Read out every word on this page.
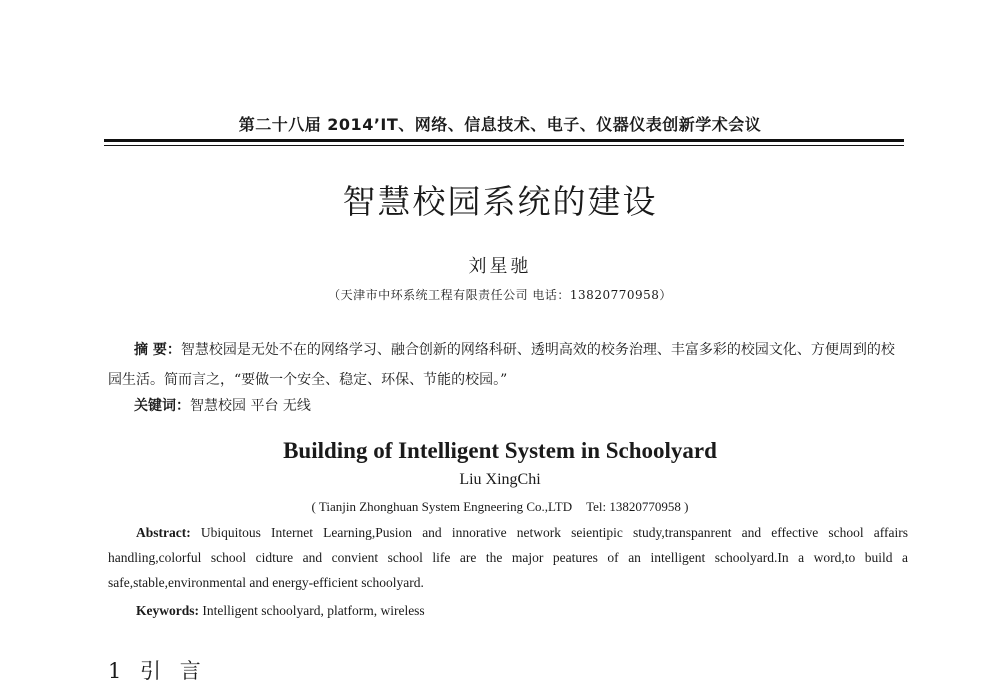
第二十八届 2014’IT、网络、信息技术、电子、仪器仪表创新学术会议
智慧校园系统的建设
刘星驰
（天津市中环系统工程有限责任公司 电话：13820770958）
摘 要：智慧校园是无处不在的网络学习、融合创新的网络科研、透明高效的校务治理、丰富多彩的校园文化、方便周到的校园生活。简而言之，“要做一个安全、稳定、环保、节能的校园。”
关键词：智慧校园 平台 无线
Building of Intelligent System in Schoolyard
Liu XingChi
( Tianjin Zhonghuan System Engneering Co.,LTD Tel: 13820770958 )
Abstract: Ubiquitous Internet Learning,Pusion and innorative network seientipic study,transpanrent and effective school affairs handling,colorful school cidture and convient school life are the major peatures of an intelligent schoolyard.In a word,to build a safe,stable,environmental and energy-efficient schoolyard.
Keywords: Intelligent schoolyard, platform, wireless
1 引 言
